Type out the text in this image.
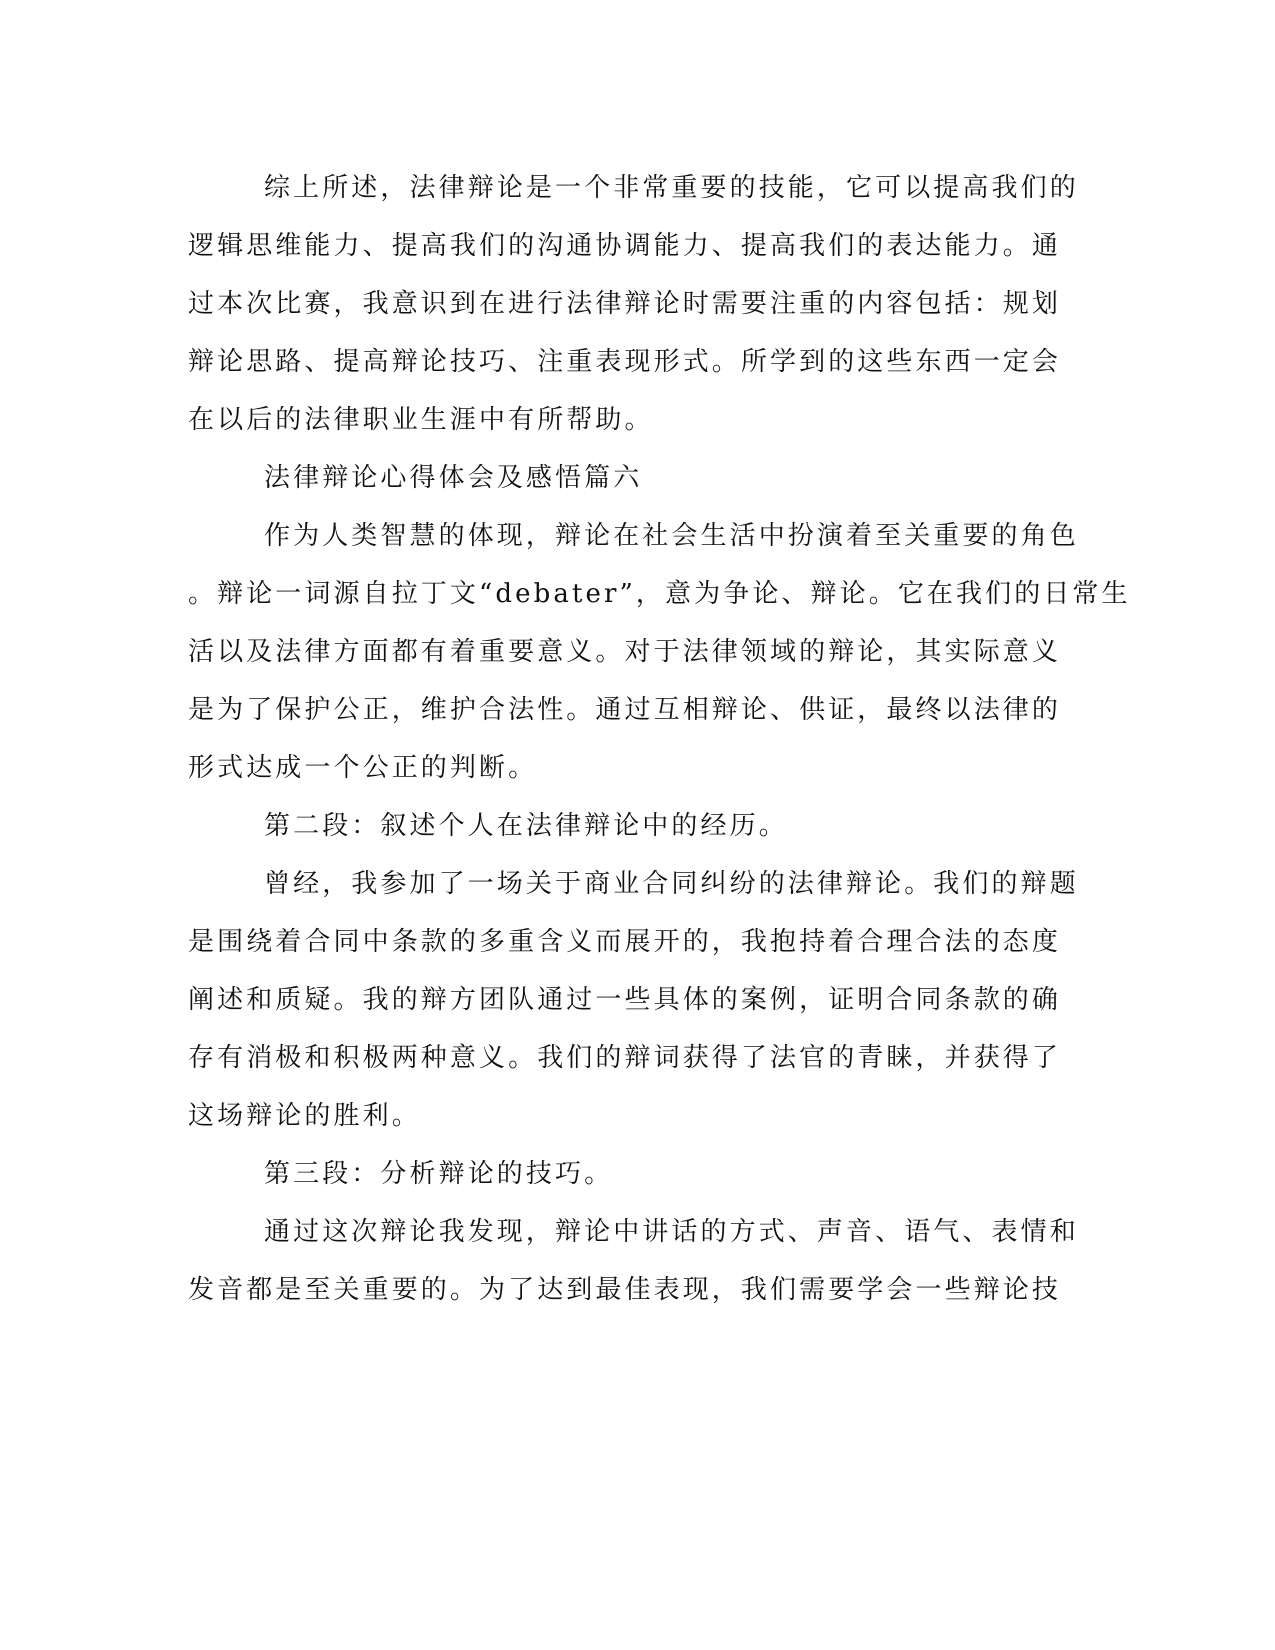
综上所述，法律辩论是一个非常重要的技能，它可以提高我们的
逻辑思维能力、提高我们的沟通协调能力、提高我们的表达能力。通
过本次比赛，我意识到在进行法律辩论时需要注重的内容包括：规划
辩论思路、提高辩论技巧、注重表现形式。所学到的这些东西一定会
在以后的法律职业生涯中有所帮助。
法律辩论心得体会及感悟篇六
作为人类智慧的体现，辩论在社会生活中扮演着至关重要的角色
。辩论一词源自拉丁文“debater”，意为争论、辩论。它在我们的日常生
活以及法律方面都有着重要意义。对于法律领域的辩论，其实际意义
是为了保护公正，维护合法性。通过互相辩论、供证，最终以法律的
形式达成一个公正的判断。
第二段：叙述个人在法律辩论中的经历。
曾经，我参加了一场关于商业合同纠纷的法律辩论。我们的辩题
是围绕着合同中条款的多重含义而展开的，我抱持着合理合法的态度
阐述和质疑。我的辩方团队通过一些具体的案例，证明合同条款的确
存有消极和积极两种意义。我们的辩词获得了法官的青睐，并获得了
这场辩论的胜利。
第三段：分析辩论的技巧。
通过这次辩论我发现，辩论中讲话的方式、声音、语气、表情和
发音都是至关重要的。为了达到最佳表现，我们需要学会一些辩论技
